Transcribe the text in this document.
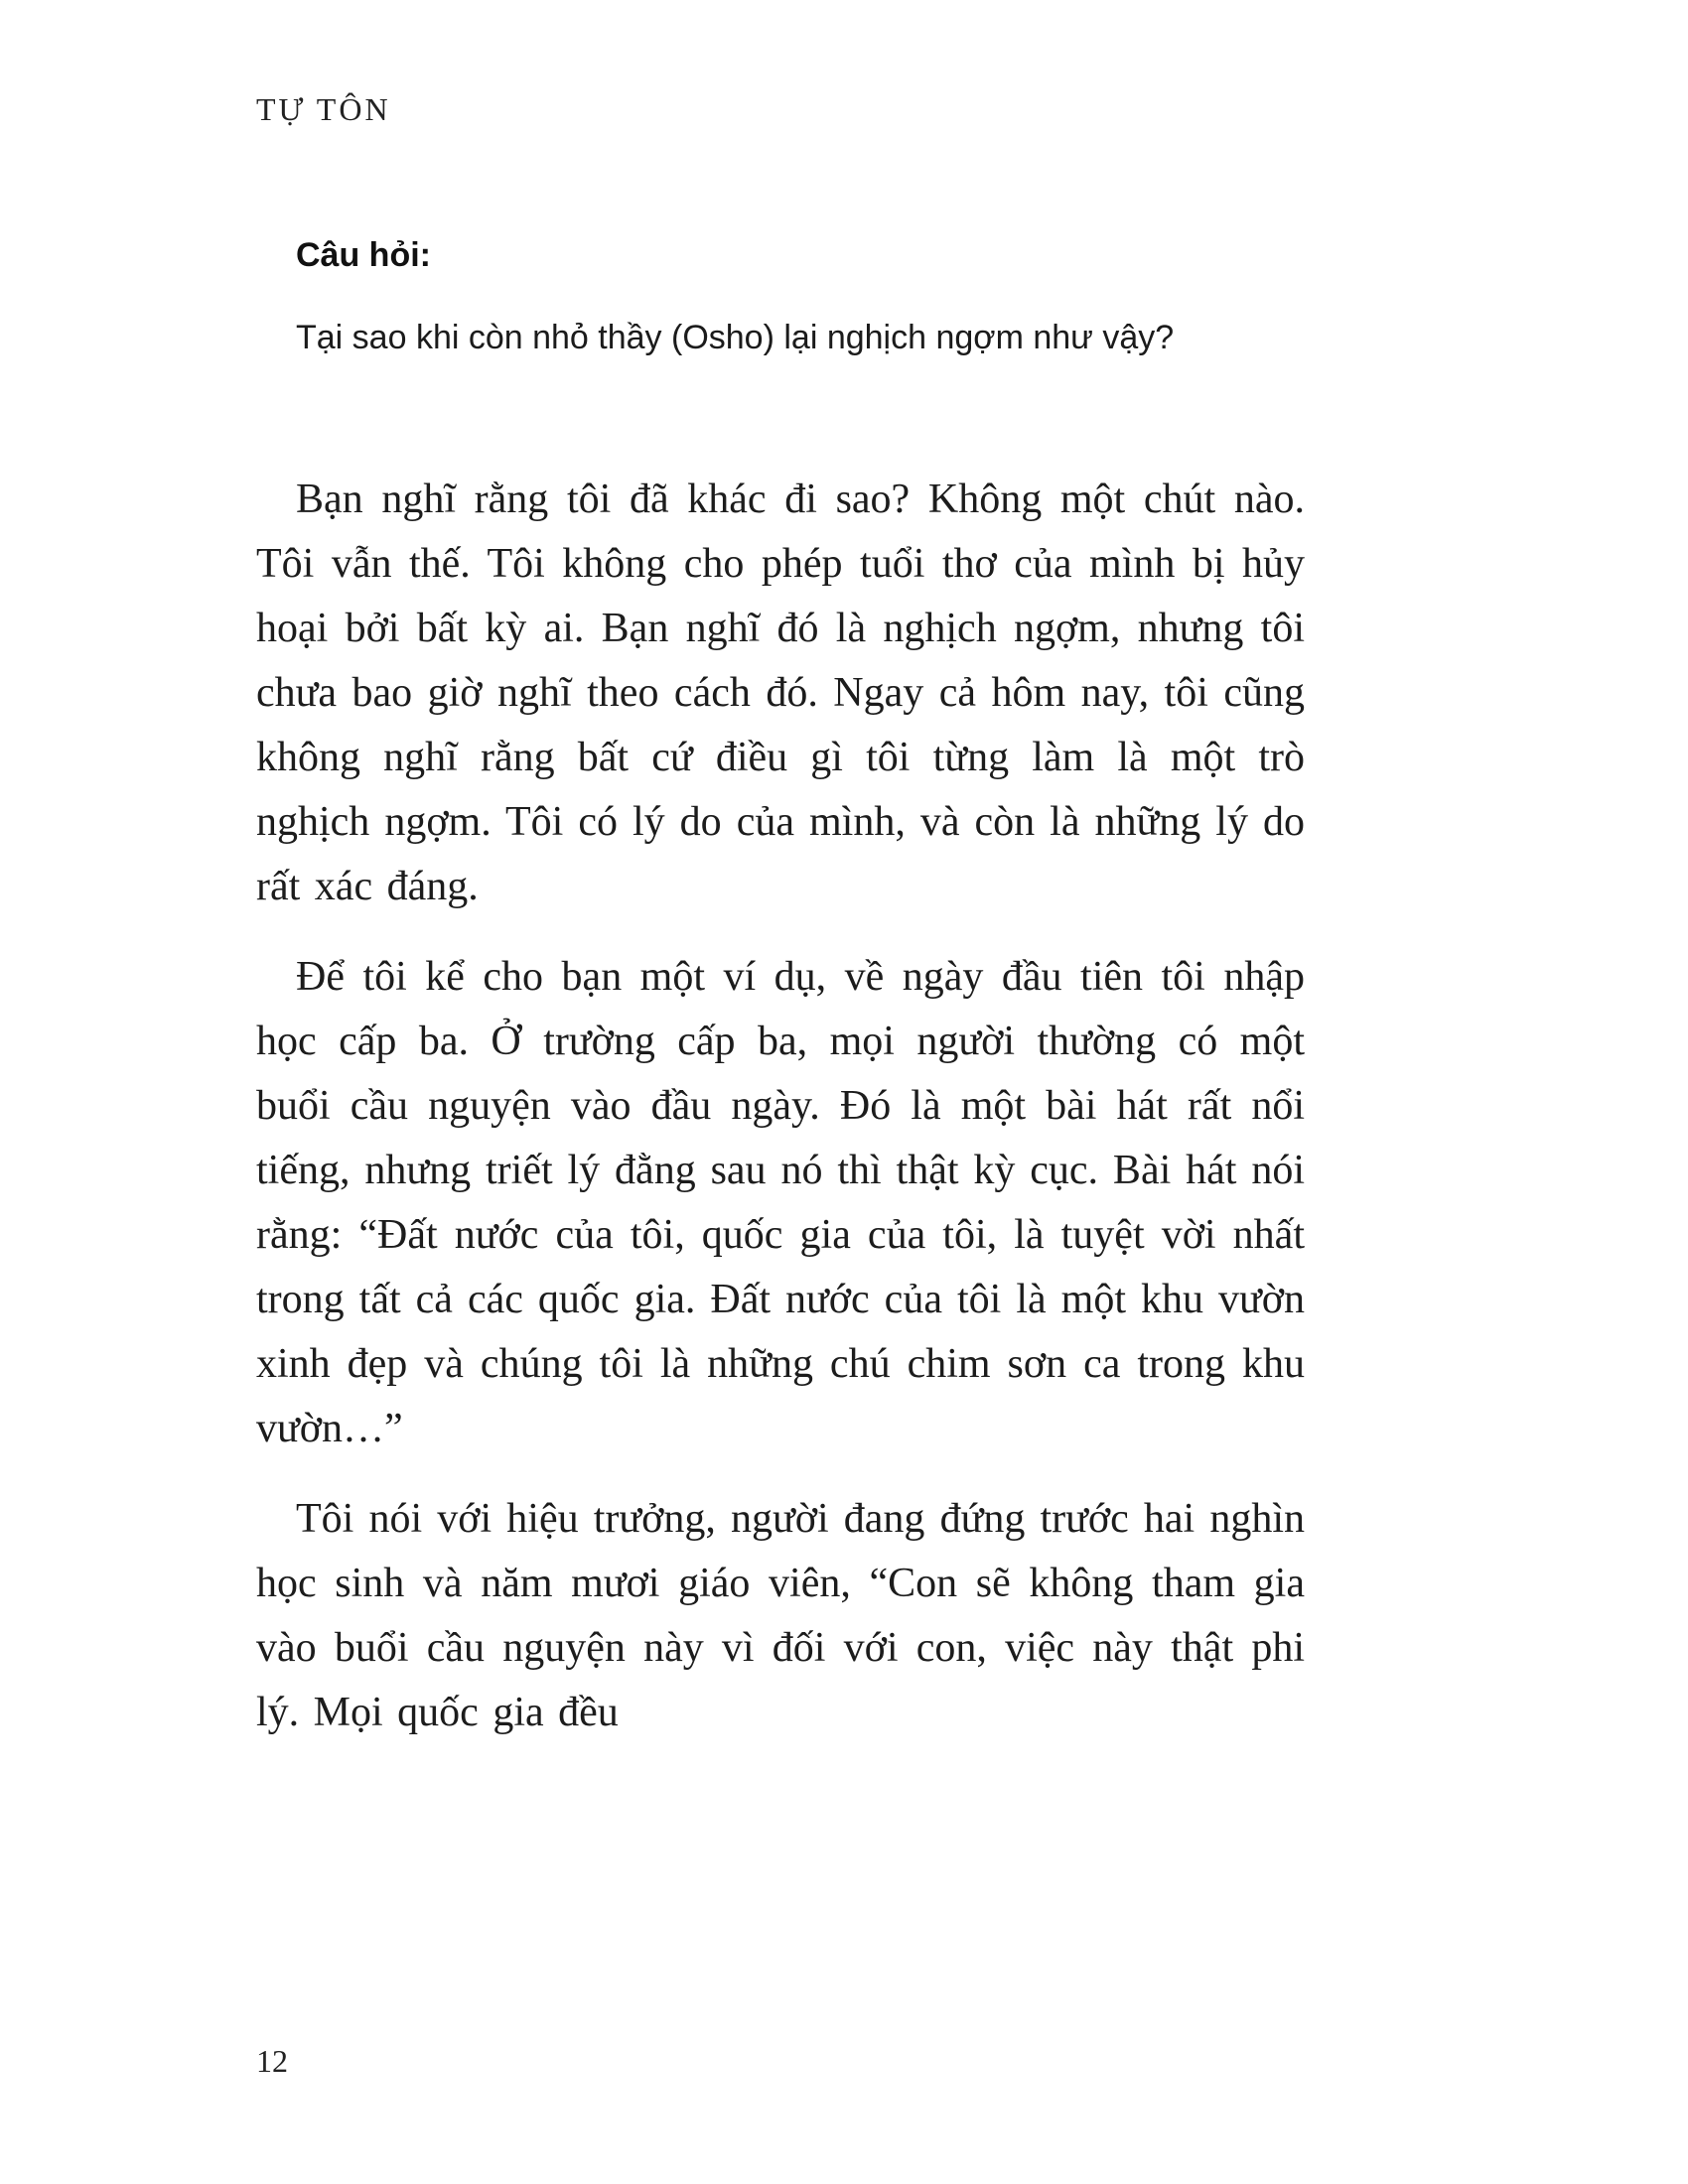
TỰ TÔN
Câu hỏi:
Tại sao khi còn nhỏ thầy (Osho) lại nghịch ngợm như vậy?

Bạn nghĩ rằng tôi đã khác đi sao? Không một chút nào. Tôi vẫn thế. Tôi không cho phép tuổi thơ của mình bị hủy hoại bởi bất kỳ ai. Bạn nghĩ đó là nghịch ngợm, nhưng tôi chưa bao giờ nghĩ theo cách đó. Ngay cả hôm nay, tôi cũng không nghĩ rằng bất cứ điều gì tôi từng làm là một trò nghịch ngợm. Tôi có lý do của mình, và còn là những lý do rất xác đáng.

Để tôi kể cho bạn một ví dụ, về ngày đầu tiên tôi nhập học cấp ba. Ở trường cấp ba, mọi người thường có một buổi cầu nguyện vào đầu ngày. Đó là một bài hát rất nổi tiếng, nhưng triết lý đằng sau nó thì thật kỳ cục. Bài hát nói rằng: “Đất nước của tôi, quốc gia của tôi, là tuyệt vời nhất trong tất cả các quốc gia. Đất nước của tôi là một khu vườn xinh đẹp và chúng tôi là những chú chim sơn ca trong khu vườn…”

Tôi nói với hiệu trưởng, người đang đứng trước hai nghìn học sinh và năm mươi giáo viên, “Con sẽ không tham gia vào buổi cầu nguyện này vì đối với con, việc này thật phi lý. Mọi quốc gia đều

12
